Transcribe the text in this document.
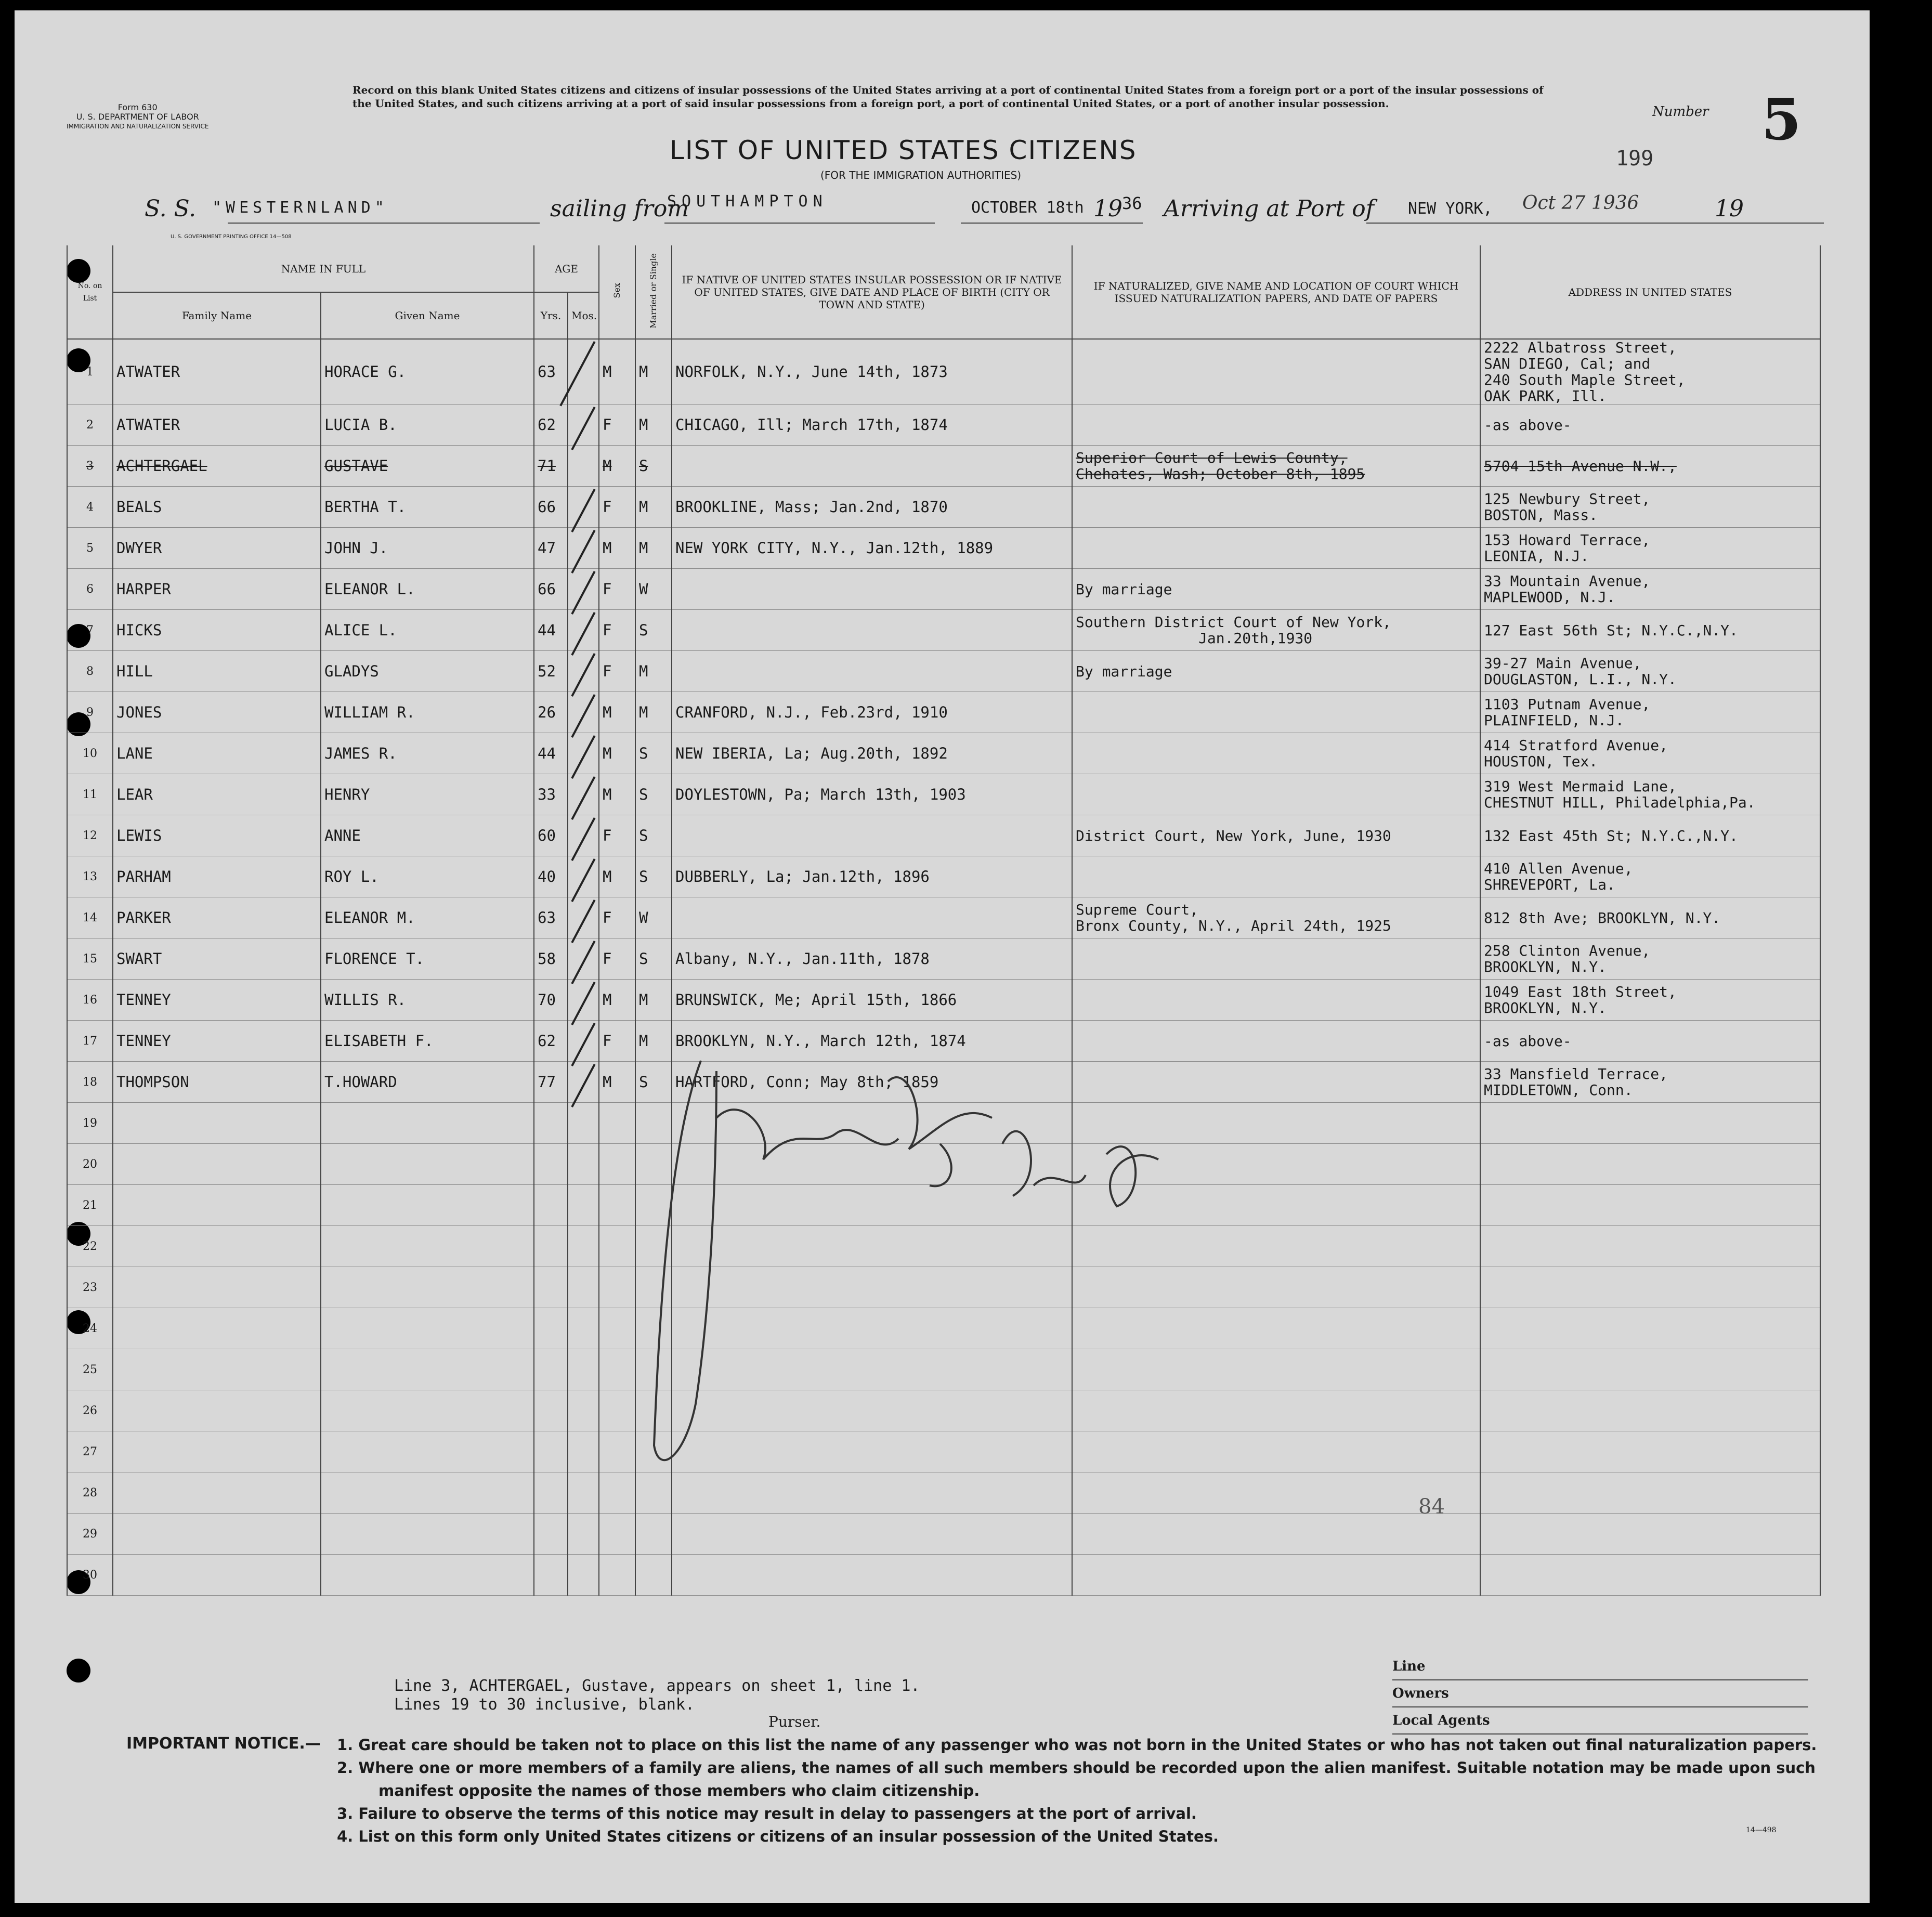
Form 630
U. S. DEPARTMENT OF LABOR
IMMIGRATION AND NATURALIZATION SERVICE
Record on this blank United States citizens and citizens of insular possessions of the United States arriving at a port of continental United States from a foreign port or a port of the insular possessions of the United States, and such citizens arriving at a port of said insular possessions from a foreign port, a port of continental United States, or a port of another insular possession.
Number 5
LIST OF UNITED STATES CITIZENS
(FOR THE IMMIGRATION AUTHORITIES)
199
S. S. "WESTERNLAND"	sailing from
SOUTHAMPTON	OCTOBER 18th 19 36 Arriving at Port of NEW YORK, Oct 27 1936	19
U. S. GOVERNMENT PRINTING OFFICE 14—508
No. on List	NAME IN FULL		AGE		Sex	Married or Single	IF NATIVE OF UNITED STATES INSULAR POSSESSION OR IF NATIVE OF UNITED STATES, GIVE DATE AND PLACE OF BIRTH (CITY OR TOWN AND STATE)	IF NATURALIZED, GIVE NAME AND LOCATION OF COURT WHICH ISSUED NATURALIZATION PAPERS, AND DATE OF PAPERS	ADDRESS IN UNITED STATES
	Family Name	Given Name	Yrs.	Mos.					
1	ATWATER	HORACE G.	63		M	M	NORFOLK, N.Y., June 14th, 1873		2222 Albatross Street,
SAN DIEGO, Cal; and
240 South Maple Street,
OAK PARK, Ill.
2	ATWATER	LUCIA B.	62		F	M	CHICAGO, Ill; March 17th, 1874		-as above-
3	ACHTERGAEL	GUSTAVE	71		M	S		Superior Court of Lewis County,
Chehates, Wash; October 8th, 1895	5704 15th Avenue N.W.,
4	BEALS	BERTHA T.	66		F	M	BROOKLINE, Mass; Jan.2nd, 1870		125 Newbury Street,
BOSTON, Mass.
5	DWYER	JOHN J.	47		M	M	NEW YORK CITY, N.Y., Jan.12th, 1889		153 Howard Terrace,
LEONIA, N.J.
6	HARPER	ELEANOR L.	66		F	W		By marriage	33 Mountain Avenue,
MAPLEWOOD, N.J.
7	HICKS	ALICE L.	44		F	S		Southern District Court of New York,
Jan.20th,1930	127 East 56th St; N.Y.C.,N.Y.
8	HILL	GLADYS	52		F	M		By marriage	39-27 Main Avenue,
DOUGLASTON, L.I., N.Y.
9	JONES	WILLIAM R.	26		M	M	CRANFORD, N.J., Feb.23rd, 1910		1103 Putnam Avenue,
PLAINFIELD, N.J.
10	LANE	JAMES R.	44		M	S	NEW IBERIA, La; Aug.20th, 1892		414 Stratford Avenue,
HOUSTON, Tex.
11	LEAR	HENRY	33		M	S	DOYLESTOWN, Pa; March 13th, 1903		319 West Mermaid Lane,
CHESTNUT HILL, Philadelphia,Pa.
12	LEWIS	ANNE	60		F	S		District Court, New York, June, 1930	132 East 45th St; N.Y.C.,N.Y.
13	PARHAM	ROY L.	40		M	S	DUBBERLY, La; Jan.12th, 1896		410 Allen Avenue,
SHREVEPORT, La.
14	PARKER	ELEANOR M.	63		F	W		Supreme Court,
Bronx County, N.Y., April 24th, 1925	812 8th Ave; BROOKLYN, N.Y.
15	SWART	FLORENCE T.	58		F	S	Albany, N.Y., Jan.11th, 1878		258 Clinton Avenue,
BROOKLYN, N.Y.
16	TENNEY	WILLIS R.	70		M	M	BRUNSWICK, Me; April 15th, 1866		1049 East 18th Street,
BROOKLYN, N.Y.
17	TENNEY	ELISABETH F.	62		F	M	BROOKLYN, N.Y., March 12th, 1874		-as above-
18	THOMPSON	T.HOWARD	77		M	S	HARTFORD, Conn; May 8th, 1859		33 Mansfield Terrace,
MIDDLETOWN, Conn.
19									
20									
21									
22									
23									
24									
25									
26									
27									
28									
29									
30									
84
Line 3, ACHTERGAEL, Gustave, appears on sheet 1, line 1.
Lines 19 to 30 inclusive, blank.
Purser.
Line
Owners
Local Agents
IMPORTANT NOTICE.— 1. Great care should be taken not to place on this list the name of any passenger who was not born in the United States or who has not taken out final naturalization papers.
2. Where one or more members of a family are aliens, the names of all such members should be recorded upon the alien manifest. Suitable notation may be made upon such
manifest opposite the names of those members who claim citizenship.
3. Failure to observe the terms of this notice may result in delay to passengers at the port of arrival.
4. List on this form only United States citizens or citizens of an insular possession of the United States.	14—498
